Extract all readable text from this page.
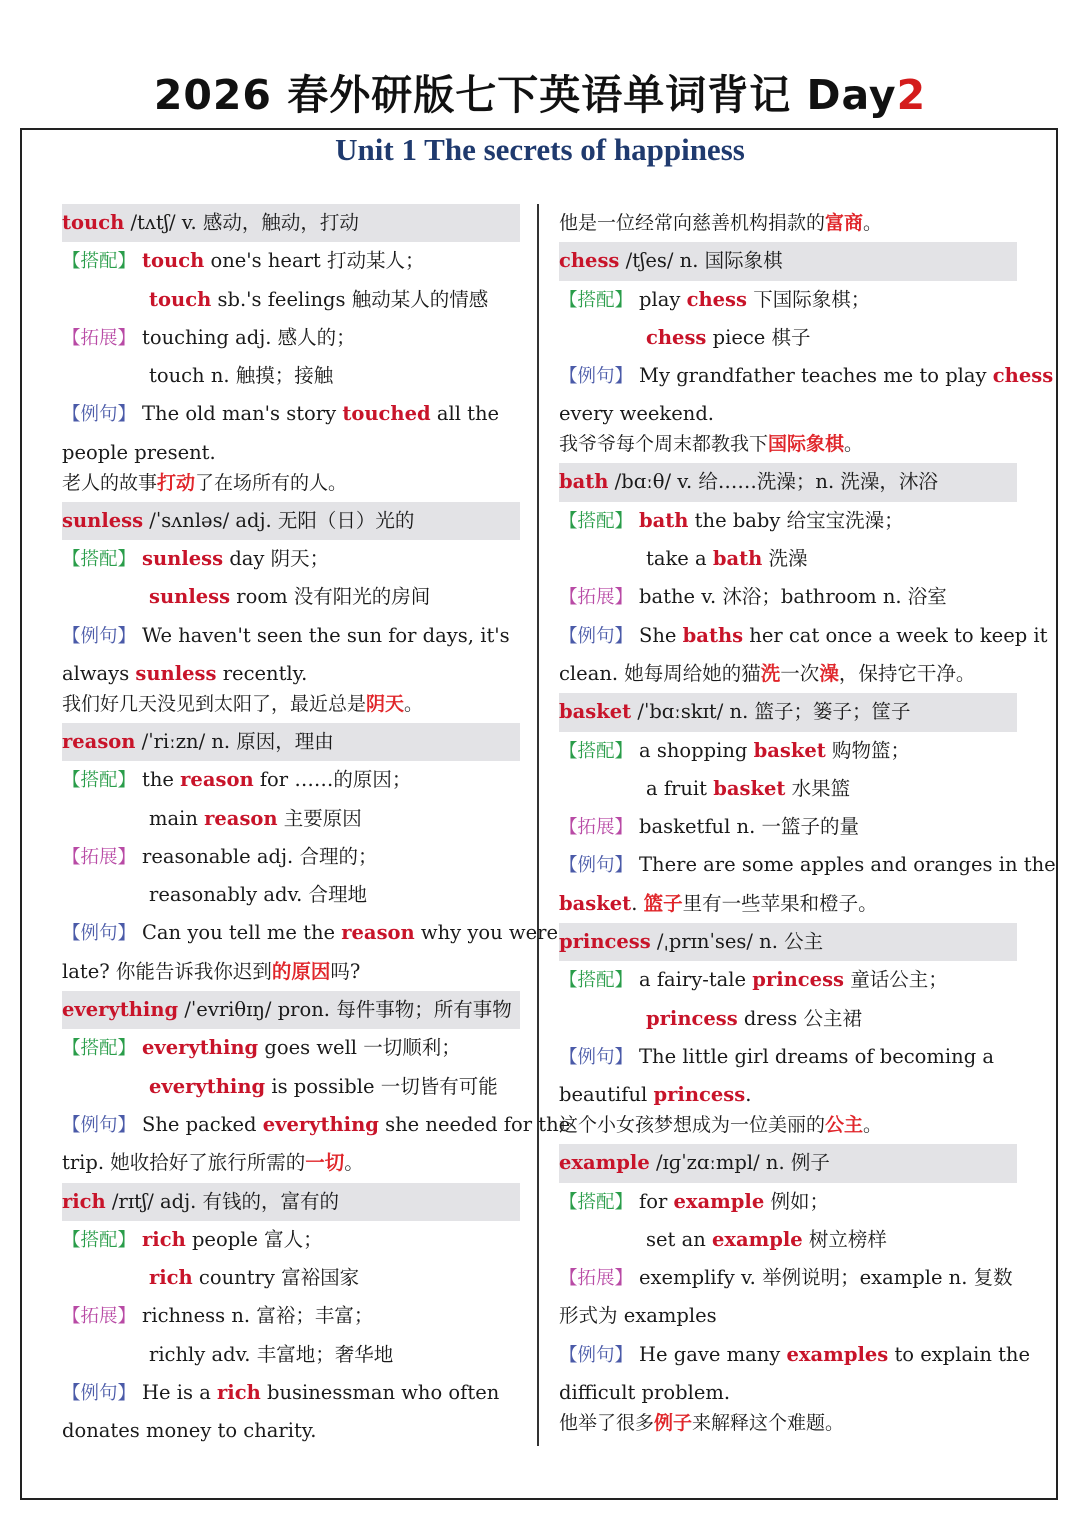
2026 春外研版七下英语单词背记 Day2
Unit 1 The secrets of happiness
touch /tʌtʃ/ v. 感动，触动，打动
【搭配】 touch one's heart 打动某人；
touch sb.'s feelings 触动某人的情感
【拓展】 touching adj. 感人的；
touch n. 触摸；接触
【例句】 The old man's story touched all the
people present.
老人的故事打动了在场所有的人。
sunless /ˈsʌnləs/ adj. 无阳（日）光的
【搭配】 sunless day 阴天；
sunless room 没有阳光的房间
【例句】 We haven't seen the sun for days, it's
always sunless recently.
我们好几天没见到太阳了，最近总是阴天。
reason /ˈriːzn/ n. 原因，理由
【搭配】 the reason for ……的原因；
main reason 主要原因
【拓展】 reasonable adj. 合理的；
reasonably adv. 合理地
【例句】 Can you tell me the reason why you were
late? 你能告诉我你迟到的原因吗?
everything /ˈevriθɪŋ/ pron. 每件事物；所有事物
【搭配】 everything goes well 一切顺利；
everything is possible 一切皆有可能
【例句】 She packed everything she needed for the
trip. 她收拾好了旅行所需的一切。
rich /rɪtʃ/ adj. 有钱的，富有的
【搭配】 rich people 富人；
rich country 富裕国家
【拓展】 richness n. 富裕；丰富；
richly adv. 丰富地；奢华地
【例句】 He is a rich businessman who often
donates money to charity.
他是一位经常向慈善机构捐款的富商。
chess /tʃes/ n. 国际象棋
【搭配】 play chess 下国际象棋；
chess piece 棋子
【例句】 My grandfather teaches me to play chess
every weekend.
我爷爷每个周末都教我下国际象棋。
bath /bɑːθ/ v. 给……洗澡；n. 洗澡，沐浴
【搭配】 bath the baby 给宝宝洗澡；
take a bath 洗澡
【拓展】 bathe v. 沐浴；bathroom n. 浴室
【例句】 She baths her cat once a week to keep it
clean. 她每周给她的猫洗一次澡，保持它干净。
basket /ˈbɑːskɪt/ n. 篮子；篓子；筐子
【搭配】 a shopping basket 购物篮；
a fruit basket 水果篮
【拓展】 basketful n. 一篮子的量
【例句】 There are some apples and oranges in the
basket. 篮子里有一些苹果和橙子。
princess /ˌprɪnˈses/ n. 公主
【搭配】 a fairy-tale princess 童话公主；
princess dress 公主裙
【例句】 The little girl dreams of becoming a
beautiful princess.
这个小女孩梦想成为一位美丽的公主。
example /ɪɡˈzɑːmpl/ n. 例子
【搭配】 for example 例如；
set an example 树立榜样
【拓展】 exemplify v. 举例说明；example n. 复数
形式为 examples
【例句】 He gave many examples to explain the
difficult problem.
他举了很多例子来解释这个难题。
